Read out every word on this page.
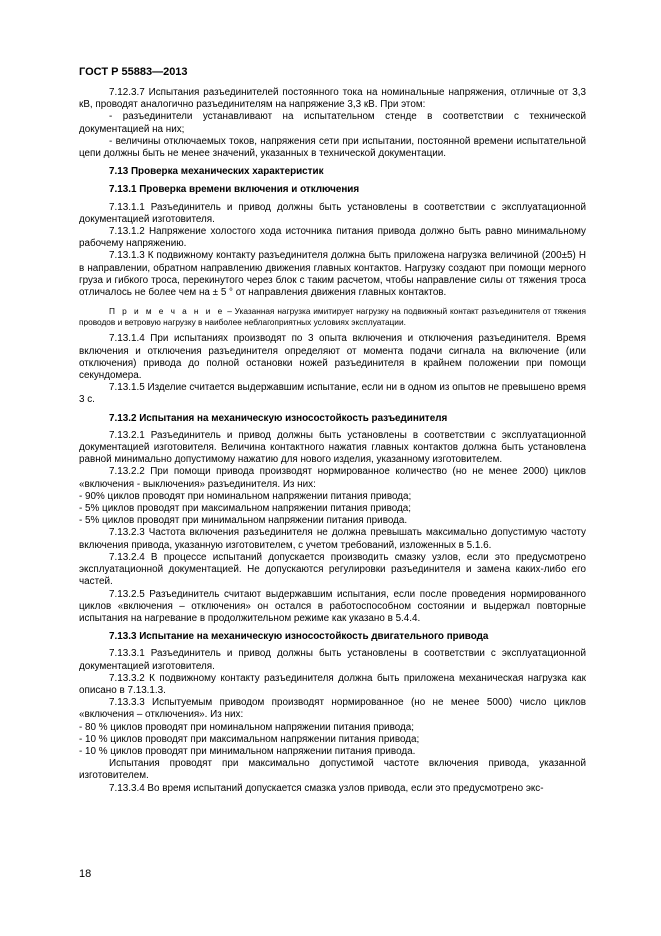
ГОСТ Р 55883—2013

7.12.3.7 Испытания разъединителей постоянного тока на номинальные напряжения, отличные от 3,3 кВ, проводят аналогично разъединителям на напряжение 3,3 кВ. При этом:

- разъединители устанавливают на испытательном стенде в соответствии с технической документацией на них;

- величины отключаемых токов, напряжения сети при испытании, постоянной времени испытательной цепи должны быть не менее значений, указанных в технической документации.

7.13 Проверка механических характеристик

7.13.1 Проверка времени включения и отключения

7.13.1.1 Разъединитель и привод должны быть установлены в соответствии с эксплуатационной документацией изготовителя.

7.13.1.2 Напряжение холостого хода источника питания привода должно быть равно минимальному рабочему напряжению.

7.13.1.3 К подвижному контакту разъединителя должна быть приложена нагрузка величиной (200±5) Н в направлении, обратном направлению движения главных контактов. Нагрузку создают при помощи мерного груза и гибкого троса, перекинутого через блок с таким расчетом, чтобы направление силы от тяжения троса отличалось не более чем на ± 5 ° от направления движения главных контактов.

П р и м е ч а н и е – Указанная нагрузка имитирует нагрузку на подвижный контакт разъединителя от тяжения проводов и ветровую нагрузку в наиболее неблагоприятных условиях эксплуатации.

7.13.1.4 При испытаниях производят по 3 опыта включения и отключения разъединителя. Время включения и отключения разъединителя определяют от момента подачи сигнала на включение (или отключения) привода до полной остановки ножей разъединителя в крайнем положении при помощи секундомера.

7.13.1.5 Изделие считается выдержавшим испытание, если ни в одном из опытов не превышено время 3 с.

7.13.2 Испытания на механическую износостойкость разъединителя

7.13.2.1 Разъединитель и привод должны быть установлены в соответствии с эксплуатационной документацией изготовителя. Величина контактного нажатия главных контактов должна быть установлена равной минимально допустимому нажатию для нового изделия, указанному изготовителем.

7.13.2.2 При помощи привода производят нормированное количество (но не менее 2000) циклов «включения - выключения» разъединителя. Из них:

- 90% циклов проводят при номинальном напряжении питания привода;

- 5% циклов проводят при максимальном напряжении питания привода;

- 5% циклов проводят при минимальном напряжении питания привода.

7.13.2.3 Частота включения разъединителя не должна превышать максимально допустимую частоту включения привода, указанную изготовителем, с учетом требований, изложенных в 5.1.6.

7.13.2.4 В процессе испытаний допускается производить смазку узлов, если это предусмотрено эксплуатационной документацией. Не допускаются регулировки разъединителя и замена каких-либо его частей.

7.13.2.5 Разъединитель считают выдержавшим испытания, если после проведения нормированного циклов «включения – отключения» он остался в работоспособном состоянии и выдержал повторные испытания на нагревание в продолжительном режиме как указано в 5.4.4.

7.13.3 Испытание на механическую износостойкость двигательного привода

7.13.3.1 Разъединитель и привод должны быть установлены в соответствии с эксплуатационной документацией изготовителя.

7.13.3.2 К подвижному контакту разъединителя должна быть приложена механическая нагрузка как описано в 7.13.1.3.

7.13.3.3 Испытуемым приводом производят нормированное (но не менее 5000) число циклов «включения – отключения». Из них:

- 80 % циклов проводят при номинальном напряжении питания привода;

- 10 % циклов проводят при максимальном напряжении питания привода;

- 10 % циклов проводят при минимальном напряжении питания привода.

Испытания проводят при максимально допустимой частоте включения привода, указанной изготовителем.

7.13.3.4 Во время испытаний допускается смазка узлов привода, если это предусмотрено экс-

18
